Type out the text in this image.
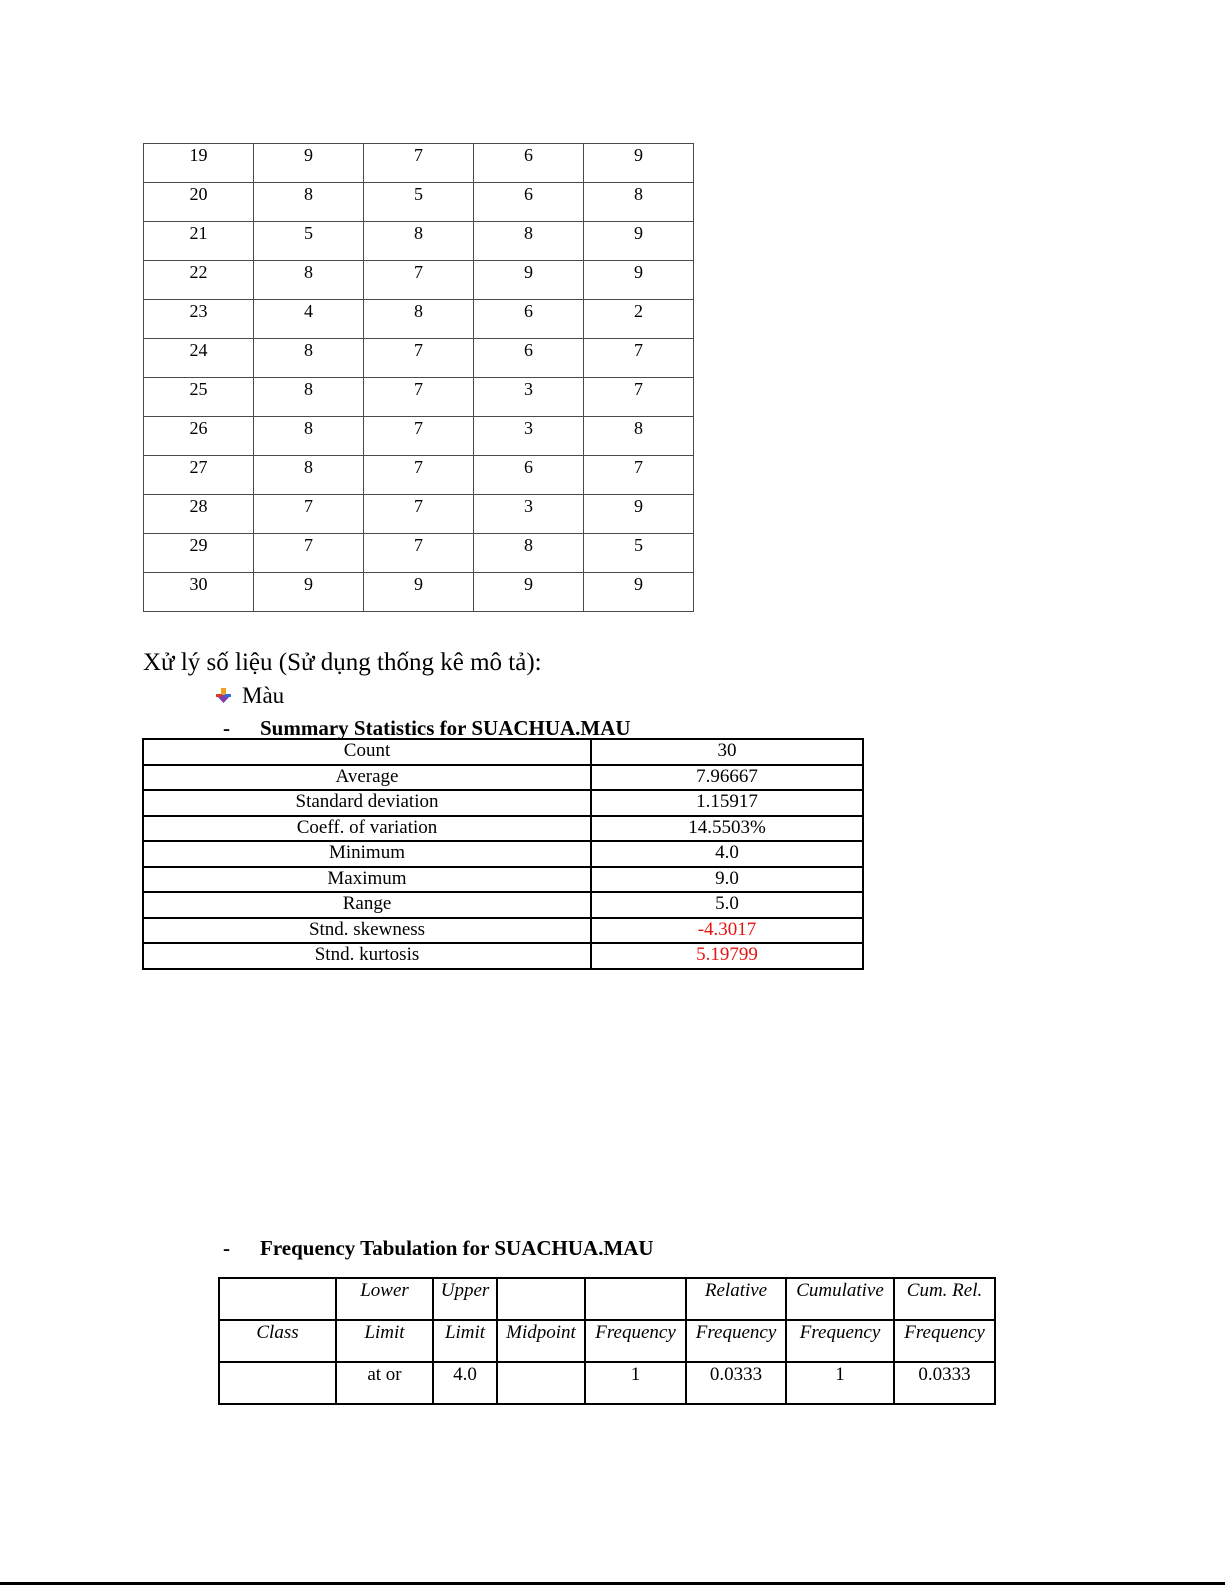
19	9	7	6	9
20	8	5	6	8
21	5	8	8	9
22	8	7	9	9
23	4	8	6	2
24	8	7	6	7
25	8	7	3	7
26	8	7	3	8
27	8	7	6	7
28	7	7	3	9
29	7	7	8	5
30	9	9	9	9
Xử lý số liệu (Sử dụng thống kê mô tả):
Màu
- Summary Statistics for SUACHUA.MAU
Count	30
Average	7.96667
Standard deviation	1.15917
Coeff. of variation	14.5503%
Minimum	4.0
Maximum	9.0
Range	5.0
Stnd. skewness	-4.3017
Stnd. kurtosis	5.19799
- Frequency Tabulation for SUACHUA.MAU
	Lower	Upper			Relative	Cumulative	Cum. Rel.
Class	Limit	Limit	Midpoint	Frequency	Frequency	Frequency	Frequency
	at or	4.0		1	0.0333	1	0.0333
